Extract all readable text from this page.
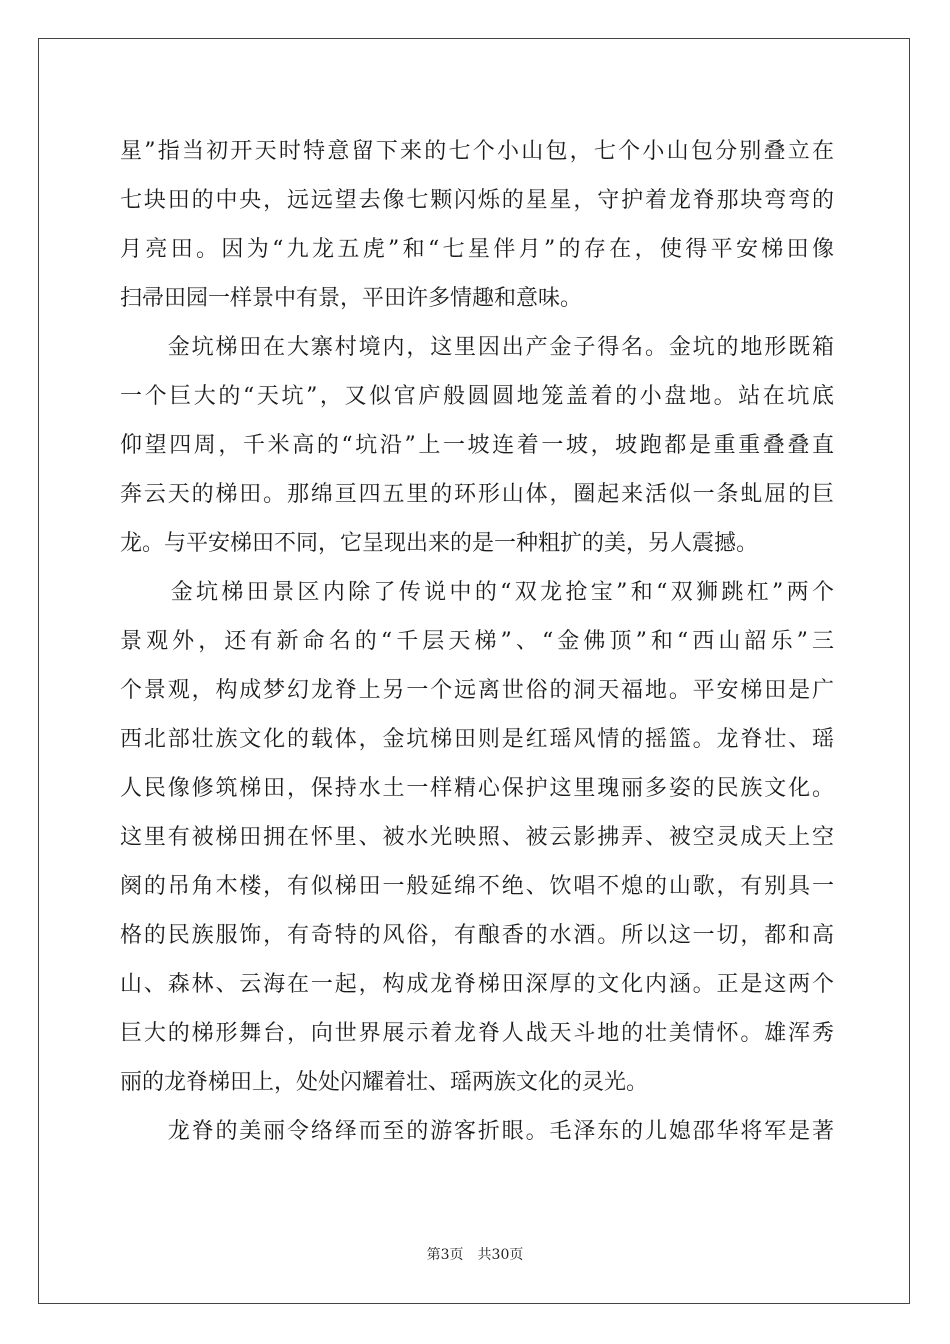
星”指当初开天时特意留下来的七个小山包，七个小山包分别叠立在
七块田的中央，远远望去像七颗闪烁的星星，守护着龙脊那块弯弯的
月亮田。因为“九龙五虎”和“七星伴月”的存在，使得平安梯田像
扫帚田园一样景中有景，平田许多情趣和意味。
　　金坑梯田在大寨村境内，这里因出产金子得名。金坑的地形既箱
一个巨大的“天坑”，又似官庐般圆圆地笼盖着的小盘地。站在坑底
仰望四周，千米高的“坑沿”上一坡连着一坡，坡跑都是重重叠叠直
奔云天的梯田。那绵亘四五里的环形山体，圈起来活似一条虬屈的巨
龙。与平安梯田不同，它呈现出来的是一种粗扩的美，另人震撼。
　　金坑梯田景区内除了传说中的“双龙抢宝”和“双狮跳杠”两个
景观外，还有新命名的“千层天梯”、“金佛顶”和“西山韶乐”三
个景观，构成梦幻龙脊上另一个远离世俗的洞天福地。平安梯田是广
西北部壮族文化的载体，金坑梯田则是红瑶风情的摇篮。龙脊壮、瑶
人民像修筑梯田，保持水土一样精心保护这里瑰丽多姿的民族文化。
这里有被梯田拥在怀里、被水光映照、被云影拂弄、被空灵成天上空
阕的吊角木楼，有似梯田一般延绵不绝、饮唱不熄的山歌，有别具一
格的民族服饰，有奇特的风俗，有酿香的水酒。所以这一切，都和高
山、森林、云海在一起，构成龙脊梯田深厚的文化内涵。正是这两个
巨大的梯形舞台，向世界展示着龙脊人战天斗地的壮美情怀。雄浑秀
丽的龙脊梯田上，处处闪耀着壮、瑶两族文化的灵光。
　　龙脊的美丽令络绎而至的游客折眼。毛泽东的儿媳邵华将军是著
第3页 共30页
